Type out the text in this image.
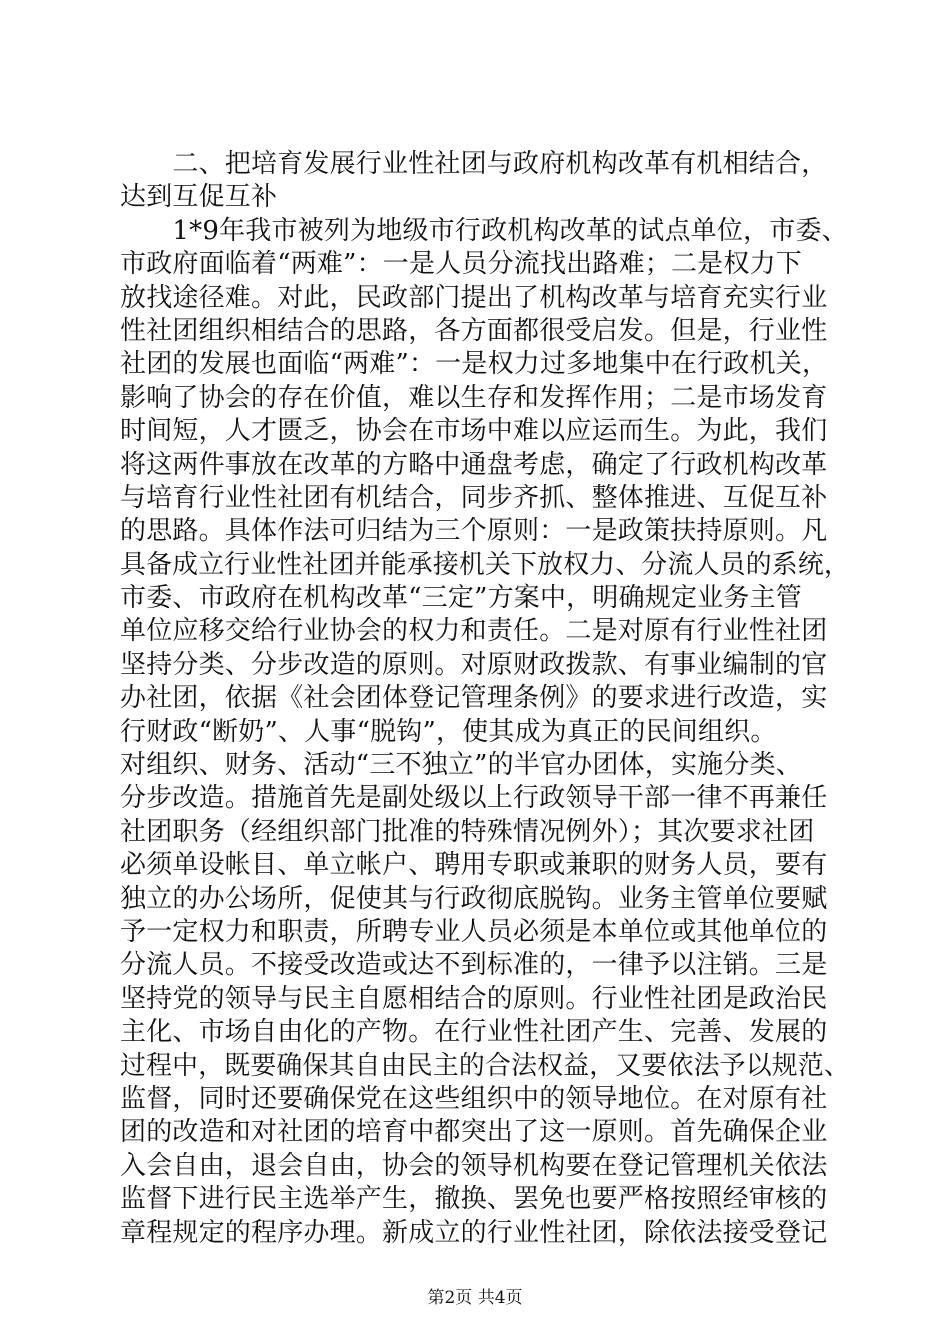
　　二、把培育发展行业性社团与政府机构改革有机相结合，
达到互促互补
　　1*9年我市被列为地级市行政机构改革的试点单位，市委、
市政府面临着“两难”：一是人员分流找出路难；二是权力下
放找途径难。对此，民政部门提出了机构改革与培育充实行业
性社团组织相结合的思路，各方面都很受启发。但是，行业性
社团的发展也面临“两难”：一是权力过多地集中在行政机关，
影响了协会的存在价值，难以生存和发挥作用；二是市场发育
时间短，人才匮乏，协会在市场中难以应运而生。为此，我们
将这两件事放在改革的方略中通盘考虑，确定了行政机构改革
与培育行业性社团有机结合，同步齐抓、整体推进、互促互补
的思路。具体作法可归结为三个原则：一是政策扶持原则。凡
具备成立行业性社团并能承接机关下放权力、分流人员的系统，
市委、市政府在机构改革“三定”方案中，明确规定业务主管
单位应移交给行业协会的权力和责任。二是对原有行业性社团
坚持分类、分步改造的原则。对原财政拨款、有事业编制的官
办社团，依据《社会团体登记管理条例》的要求进行改造，实
行财政“断奶”、人事“脱钩”，使其成为真正的民间组织。
对组织、财务、活动“三不独立”的半官办团体，实施分类、
分步改造。措施首先是副处级以上行政领导干部一律不再兼任
社团职务（经组织部门批准的特殊情况例外）；其次要求社团
必须单设帐目、单立帐户、聘用专职或兼职的财务人员，要有
独立的办公场所，促使其与行政彻底脱钩。业务主管单位要赋
予一定权力和职责，所聘专业人员必须是本单位或其他单位的
分流人员。不接受改造或达不到标准的，一律予以注销。三是
坚持党的领导与民主自愿相结合的原则。行业性社团是政治民
主化、市场自由化的产物。在行业性社团产生、完善、发展的
过程中，既要确保其自由民主的合法权益，又要依法予以规范、
监督，同时还要确保党在这些组织中的领导地位。在对原有社
团的改造和对社团的培育中都突出了这一原则。首先确保企业
入会自由，退会自由，协会的领导机构要在登记管理机关依法
监督下进行民主选举产生，撤换、罢免也要严格按照经审核的
章程规定的程序办理。新成立的行业性社团，除依法接受登记
第2页 共4页
